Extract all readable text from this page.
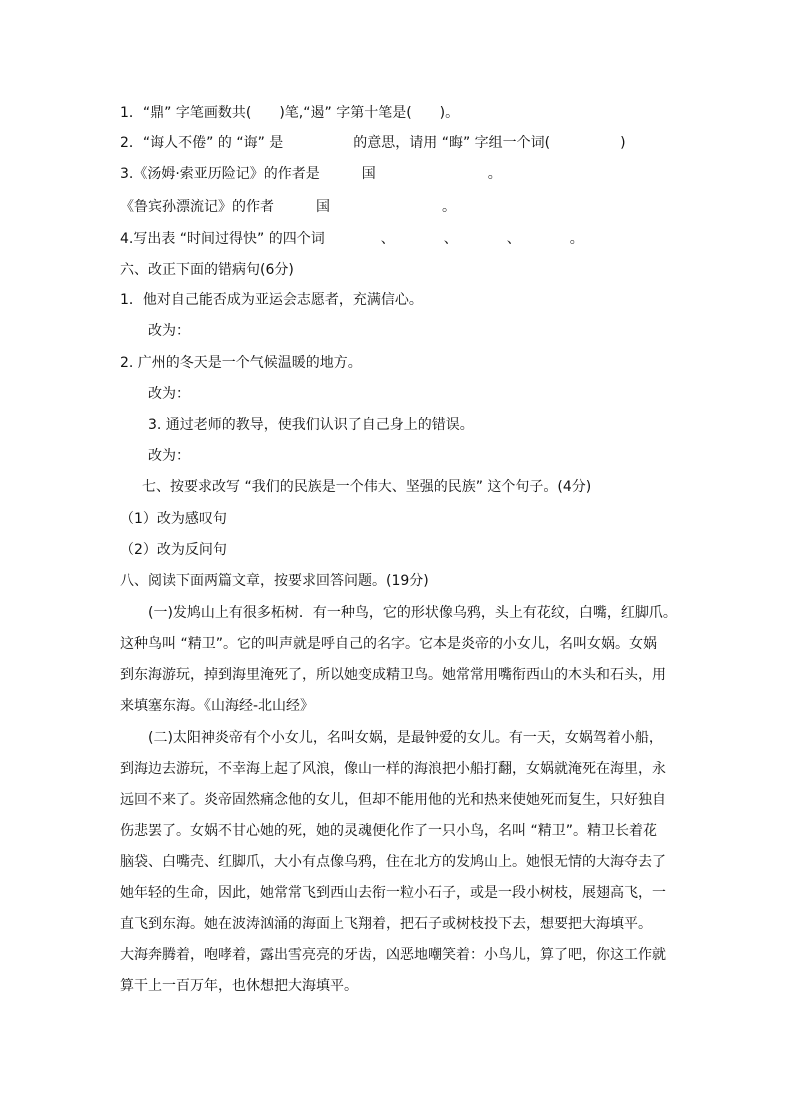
1．“鼎” 字笔画数共(　　)笔,“遏” 字第十笔是(　　)。
2．“诲人不倦” 的 “诲” 是　　　　　的意思，请用 “晦” 字组一个词(　　　　　)
3.《汤姆·索亚历险记》的作者是　　　国　　　　　　　　。
《鲁宾孙漂流记》的作者　　　国　　　　　　　　。
4.写出表 “时间过得快” 的四个词　　　　、　　　　、　　　　、　　　　。
六、改正下面的错病句(6分)
1．他对自己能否成为亚运会志愿者，充满信心。
改为：
2. 广州的冬天是一个气候温暖的地方。
改为：
3. 通过老师的教导，使我们认识了自己身上的错误。
改为：
七、按要求改写 “我们的民族是一个伟大、坚强的民族” 这个句子。(4分)
（1）改为感叹句
（2）改为反问句
八、阅读下面两篇文章，按要求回答问题。(19分)
(一)发鸠山上有很多柘树．有一种鸟，它的形状像乌鸦，头上有花纹，白嘴，红脚爪。
这种鸟叫 “精卫”。它的叫声就是呼自己的名字。它本是炎帝的小女儿，名叫女娲。女娲
到东海游玩，掉到海里淹死了，所以她变成精卫鸟。她常常用嘴衔西山的木头和石头，用
来填塞东海。《山海经-北山经》
(二)太阳神炎帝有个小女儿，名叫女娲，是最钟爱的女儿。有一天，女娲驾着小船，
到海边去游玩，不幸海上起了风浪，像山一样的海浪把小船打翻，女娲就淹死在海里，永
远回不来了。炎帝固然痛念他的女儿，但却不能用他的光和热来使她死而复生，只好独自
伤悲罢了。女娲不甘心她的死，她的灵魂便化作了一只小鸟，名叫 “精卫”。精卫长着花
脑袋、白嘴壳、红脚爪，大小有点像乌鸦，住在北方的发鸠山上。她恨无情的大海夺去了
她年轻的生命，因此，她常常飞到西山去衔一粒小石子，或是一段小树枝，展翅高飞，一
直飞到东海。她在波涛汹涌的海面上飞翔着，把石子或树枝投下去，想要把大海填平。
大海奔腾着，咆哮着，露出雪亮亮的牙齿，凶恶地嘲笑着：小鸟儿，算了吧，你这工作就
算干上一百万年，也休想把大海填平。
